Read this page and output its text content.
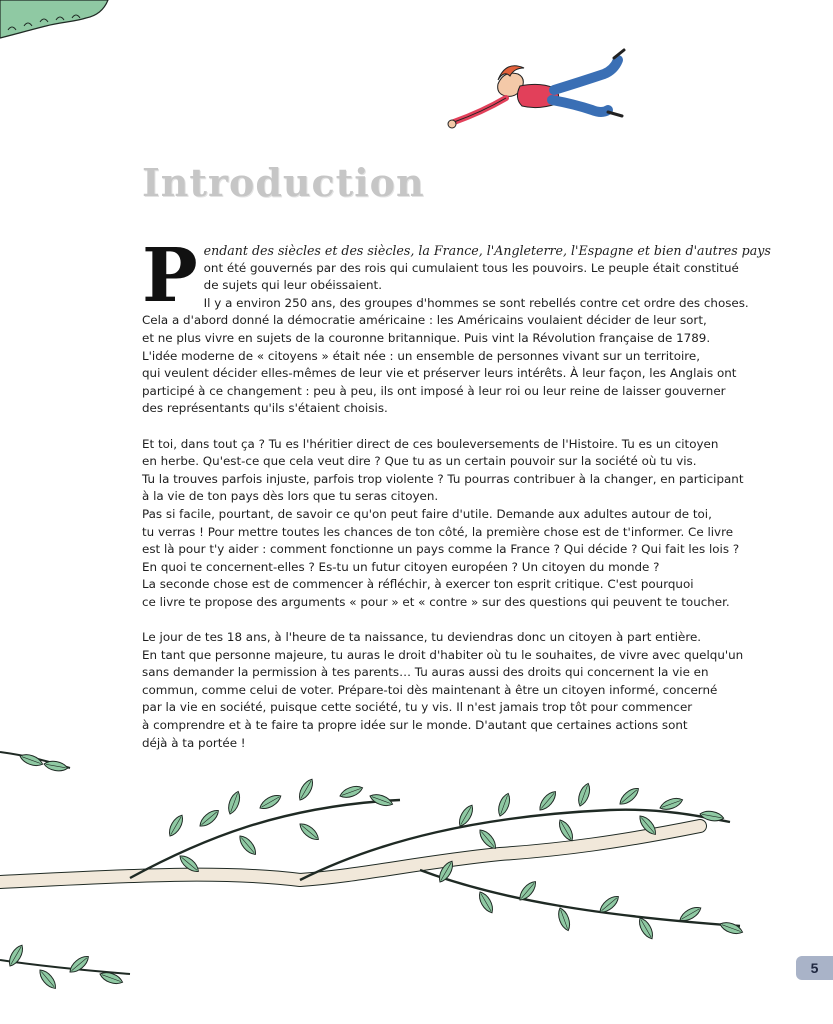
Introduction

P endant des siècles et des siècles, la France, l'Angleterre, l'Espagne et bien d'autres pays
ont été gouvernés par des rois qui cumulaient tous les pouvoirs. Le peuple était constitué
de sujets qui leur obéissaient.
Il y a environ 250 ans, des groupes d'hommes se sont rebellés contre cet ordre des choses.
Cela a d'abord donné la démocratie américaine : les Américains voulaient décider de leur sort,
et ne plus vivre en sujets de la couronne britannique. Puis vint la Révolution française de 1789.
L'idée moderne de « citoyens » était née : un ensemble de personnes vivant sur un territoire,
qui veulent décider elles-mêmes de leur vie et préserver leurs intérêts. À leur façon, les Anglais ont
participé à ce changement : peu à peu, ils ont imposé à leur roi ou leur reine de laisser gouverner
des représentants qu'ils s'étaient choisis.

Et toi, dans tout ça ? Tu es l'héritier direct de ces bouleversements de l'Histoire. Tu es un citoyen
en herbe. Qu'est-ce que cela veut dire ? Que tu as un certain pouvoir sur la société où tu vis.
Tu la trouves parfois injuste, parfois trop violente ? Tu pourras contribuer à la changer, en participant
à la vie de ton pays dès lors que tu seras citoyen.
Pas si facile, pourtant, de savoir ce qu'on peut faire d'utile. Demande aux adultes autour de toi,
tu verras ! Pour mettre toutes les chances de ton côté, la première chose est de t'informer. Ce livre
est là pour t'y aider : comment fonctionne un pays comme la France ? Qui décide ? Qui fait les lois ?
En quoi te concernent-elles ? Es-tu un futur citoyen européen ? Un citoyen du monde ?
La seconde chose est de commencer à réfléchir, à exercer ton esprit critique. C'est pourquoi
ce livre te propose des arguments « pour » et « contre » sur des questions qui peuvent te toucher.

Le jour de tes 18 ans, à l'heure de ta naissance, tu deviendras donc un citoyen à part entière.
En tant que personne majeure, tu auras le droit d'habiter où tu le souhaites, de vivre avec quelqu'un
sans demander la permission à tes parents… Tu auras aussi des droits qui concernent la vie en
commun, comme celui de voter. Prépare-toi dès maintenant à être un citoyen informé, concerné
par la vie en société, puisque cette société, tu y vis. Il n'est jamais trop tôt pour commencer
à comprendre et à te faire ta propre idée sur le monde. D'autant que certaines actions sont
déjà à ta portée !

5
